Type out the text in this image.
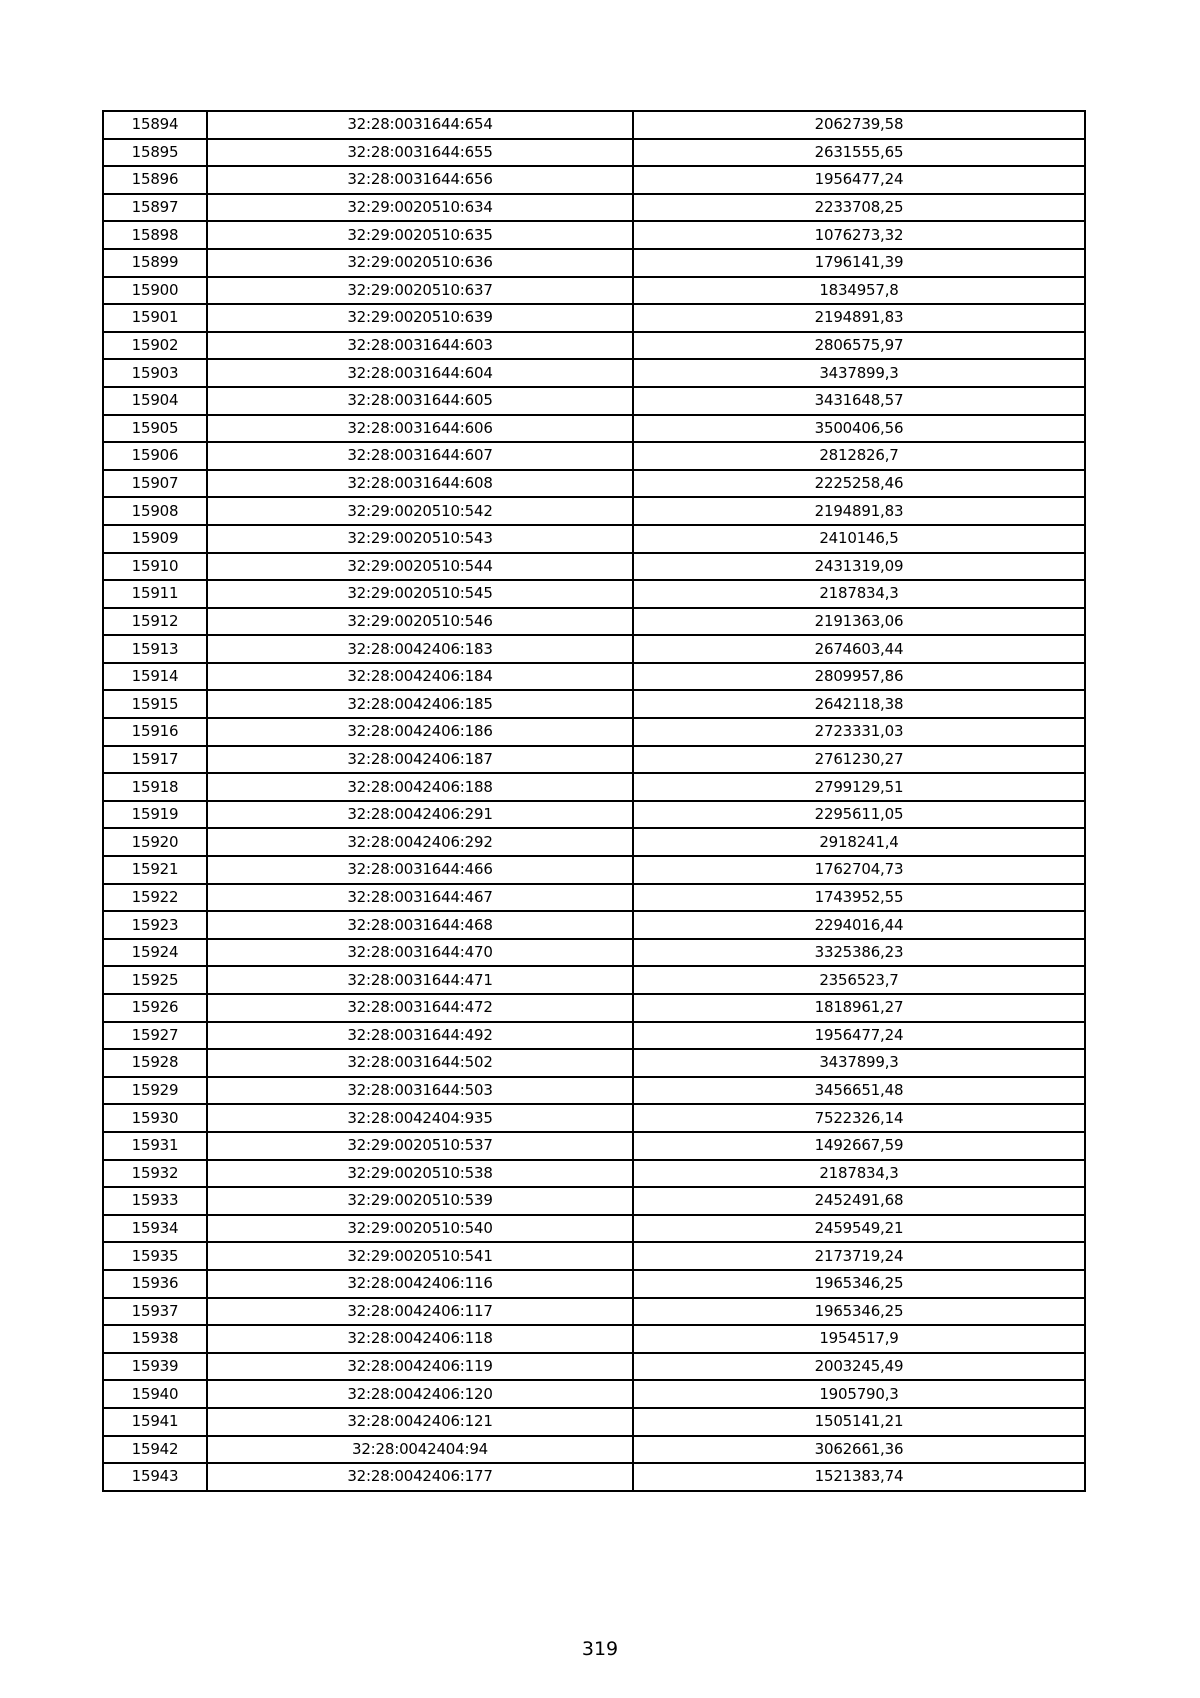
15894	32:28:0031644:654	2062739,58
15895	32:28:0031644:655	2631555,65
15896	32:28:0031644:656	1956477,24
15897	32:29:0020510:634	2233708,25
15898	32:29:0020510:635	1076273,32
15899	32:29:0020510:636	1796141,39
15900	32:29:0020510:637	1834957,8
15901	32:29:0020510:639	2194891,83
15902	32:28:0031644:603	2806575,97
15903	32:28:0031644:604	3437899,3
15904	32:28:0031644:605	3431648,57
15905	32:28:0031644:606	3500406,56
15906	32:28:0031644:607	2812826,7
15907	32:28:0031644:608	2225258,46
15908	32:29:0020510:542	2194891,83
15909	32:29:0020510:543	2410146,5
15910	32:29:0020510:544	2431319,09
15911	32:29:0020510:545	2187834,3
15912	32:29:0020510:546	2191363,06
15913	32:28:0042406:183	2674603,44
15914	32:28:0042406:184	2809957,86
15915	32:28:0042406:185	2642118,38
15916	32:28:0042406:186	2723331,03
15917	32:28:0042406:187	2761230,27
15918	32:28:0042406:188	2799129,51
15919	32:28:0042406:291	2295611,05
15920	32:28:0042406:292	2918241,4
15921	32:28:0031644:466	1762704,73
15922	32:28:0031644:467	1743952,55
15923	32:28:0031644:468	2294016,44
15924	32:28:0031644:470	3325386,23
15925	32:28:0031644:471	2356523,7
15926	32:28:0031644:472	1818961,27
15927	32:28:0031644:492	1956477,24
15928	32:28:0031644:502	3437899,3
15929	32:28:0031644:503	3456651,48
15930	32:28:0042404:935	7522326,14
15931	32:29:0020510:537	1492667,59
15932	32:29:0020510:538	2187834,3
15933	32:29:0020510:539	2452491,68
15934	32:29:0020510:540	2459549,21
15935	32:29:0020510:541	2173719,24
15936	32:28:0042406:116	1965346,25
15937	32:28:0042406:117	1965346,25
15938	32:28:0042406:118	1954517,9
15939	32:28:0042406:119	2003245,49
15940	32:28:0042406:120	1905790,3
15941	32:28:0042406:121	1505141,21
15942	32:28:0042404:94	3062661,36
15943	32:28:0042406:177	1521383,74
319
